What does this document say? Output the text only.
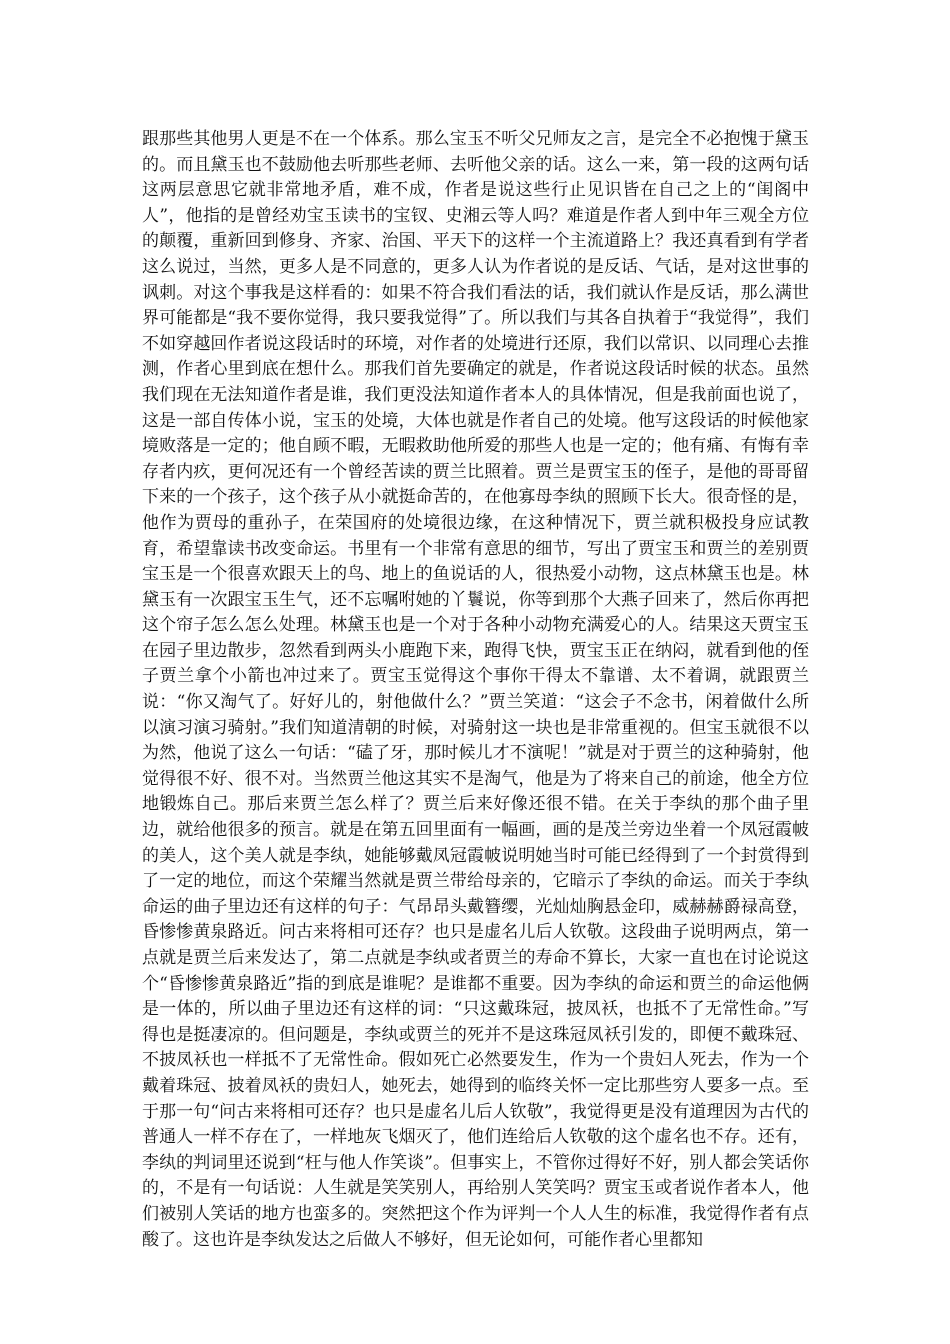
跟那些其他男人更是不在一个体系。那么宝玉不听父兄师友之言，是完全不必抱愧于黛玉的。而且黛玉也不鼓励他去听那些老师、去听他父亲的话。这么一来，第一段的这两句话这两层意思它就非常地矛盾，难不成，作者是说这些行止见识皆在自己之上的“闺阁中人”，他指的是曾经劝宝玉读书的宝钗、史湘云等人吗？难道是作者人到中年三观全方位的颠覆，重新回到修身、齐家、治国、平天下的这样一个主流道路上？我还真看到有学者这么说过，当然，更多人是不同意的，更多人认为作者说的是反话、气话，是对这世事的讽刺。对这个事我是这样看的：如果不符合我们看法的话，我们就认作是反话，那么满世界可能都是“我不要你觉得，我只要我觉得”了。所以我们与其各自执着于“我觉得”，我们不如穿越回作者说这段话时的环境，对作者的处境进行还原，我们以常识、以同理心去推测，作者心里到底在想什么。那我们首先要确定的就是，作者说这段话时候的状态。虽然我们现在无法知道作者是谁，我们更没法知道作者本人的具体情况，但是我前面也说了，这是一部自传体小说，宝玉的处境，大体也就是作者自己的处境。他写这段话的时候他家境败落是一定的；他自顾不暇，无暇救助他所爱的那些人也是一定的；他有痛、有悔有幸存者内疚，更何况还有一个曾经苦读的贾兰比照着。贾兰是贾宝玉的侄子，是他的哥哥留下来的一个孩子，这个孩子从小就挺命苦的，在他寡母李纨的照顾下长大。很奇怪的是，他作为贾母的重孙子，在荣国府的处境很边缘，在这种情况下，贾兰就积极投身应试教育，希望靠读书改变命运。书里有一个非常有意思的细节，写出了贾宝玉和贾兰的差别贾宝玉是一个很喜欢跟天上的鸟、地上的鱼说话的人，很热爱小动物，这点林黛玉也是。林黛玉有一次跟宝玉生气，还不忘嘱咐她的丫鬟说，你等到那个大燕子回来了，然后你再把这个帘子怎么怎么处理。林黛玉也是一个对于各种小动物充满爱心的人。结果这天贾宝玉在园子里边散步，忽然看到两头小鹿跑下来，跑得飞快，贾宝玉正在纳闷，就看到他的侄子贾兰拿个小箭也冲过来了。贾宝玉觉得这个事你干得太不靠谱、太不着调，就跟贾兰说：“你又淘气了。好好儿的，射他做什么？”贾兰笑道：“这会子不念书，闲着做什么所以演习演习骑射。”我们知道清朝的时候，对骑射这一块也是非常重视的。但宝玉就很不以为然，他说了这么一句话：“磕了牙，那时候儿才不演呢！”就是对于贾兰的这种骑射，他觉得很不好、很不对。当然贾兰他这其实不是淘气，他是为了将来自己的前途，他全方位地锻炼自己。那后来贾兰怎么样了？贾兰后来好像还很不错。在关于李纨的那个曲子里边，就给他很多的预言。就是在第五回里面有一幅画，画的是茂兰旁边坐着一个凤冠霞帔的美人，这个美人就是李纨，她能够戴凤冠霞帔说明她当时可能已经得到了一个封赏得到了一定的地位，而这个荣耀当然就是贾兰带给母亲的，它暗示了李纨的命运。而关于李纨命运的曲子里边还有这样的句子：气昂昂头戴簪缨，光灿灿胸悬金印，威赫赫爵禄高登，昏惨惨黄泉路近。问古来将相可还存？也只是虚名儿后人钦敬。这段曲子说明两点，第一点就是贾兰后来发达了，第二点就是李纨或者贾兰的寿命不算长，大家一直也在讨论说这个“昏惨惨黄泉路近”指的到底是谁呢？是谁都不重要。因为李纨的命运和贾兰的命运他俩是一体的，所以曲子里边还有这样的词：“只这戴珠冠，披凤袄，也抵不了无常性命。”写得也是挺凄凉的。但问题是，李纨或贾兰的死并不是这珠冠凤袄引发的，即便不戴珠冠、不披凤袄也一样抵不了无常性命。假如死亡必然要发生，作为一个贵妇人死去，作为一个戴着珠冠、披着凤袄的贵妇人，她死去，她得到的临终关怀一定比那些穷人要多一点。至于那一句“问古来将相可还存？也只是虚名儿后人钦敬”，我觉得更是没有道理因为古代的普通人一样不存在了，一样地灰飞烟灭了，他们连给后人钦敬的这个虚名也不存。还有，李纨的判词里还说到“枉与他人作笑谈”。但事实上，不管你过得好不好，别人都会笑话你的，不是有一句话说：人生就是笑笑别人，再给别人笑笑吗？贾宝玉或者说作者本人，他们被别人笑话的地方也蛮多的。突然把这个作为评判一个人人生的标准，我觉得作者有点酸了。这也许是李纨发达之后做人不够好，但无论如何，可能作者心里都知
